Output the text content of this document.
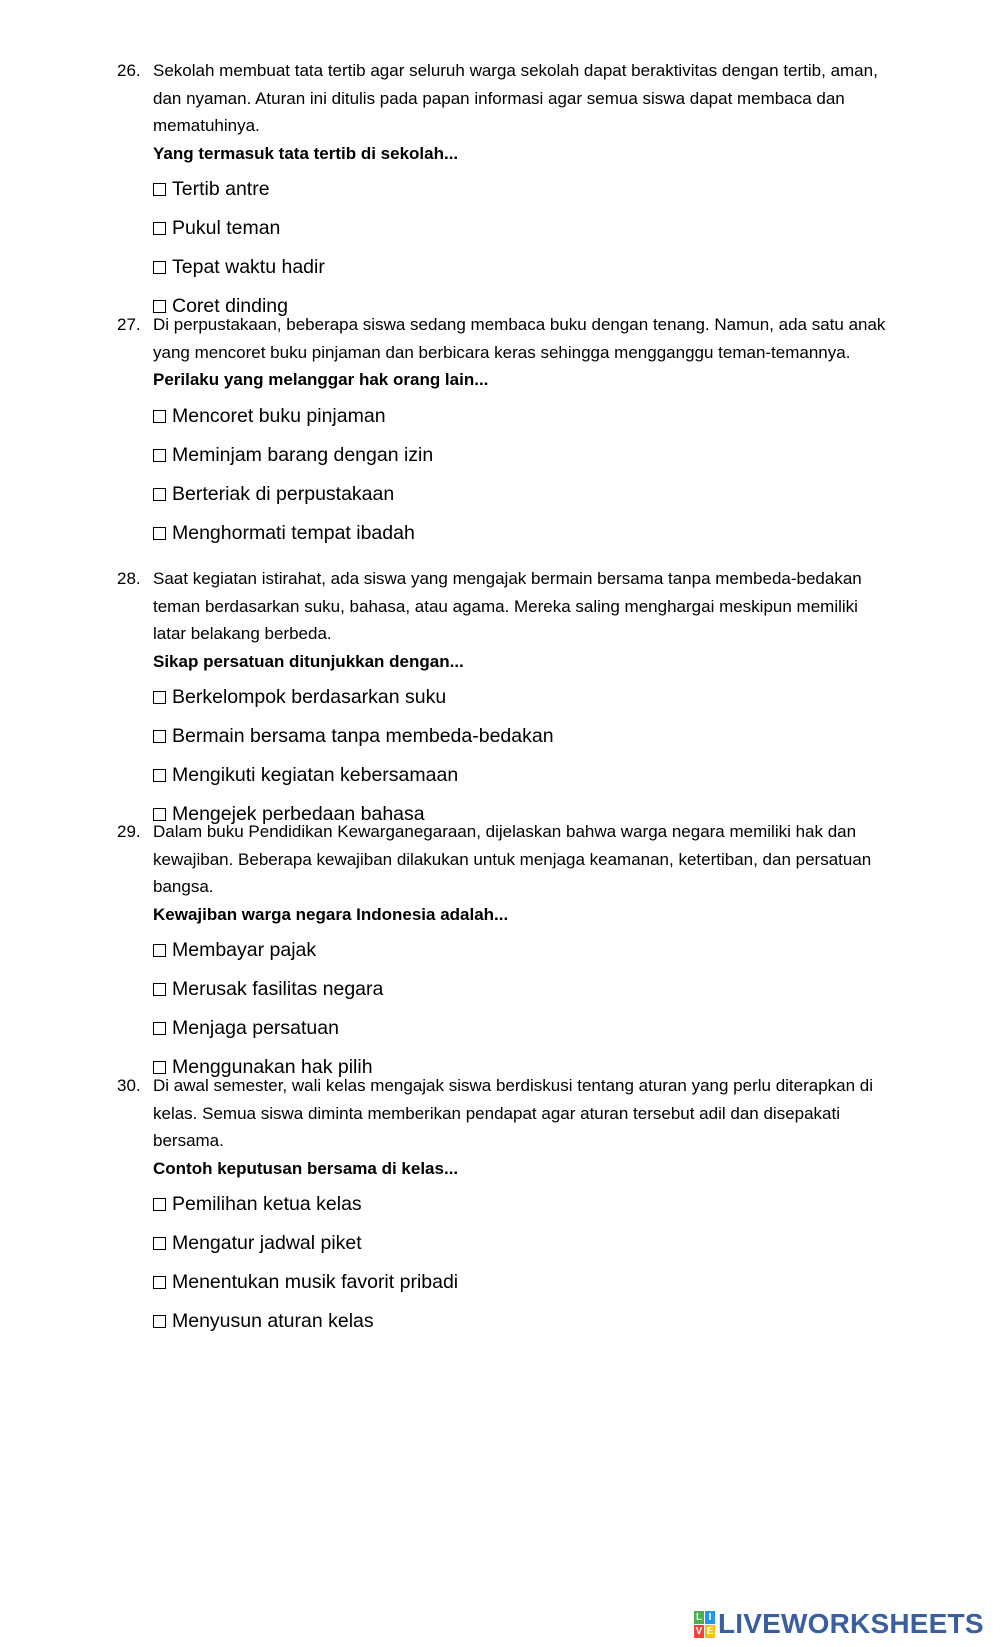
26. Sekolah membuat tata tertib agar seluruh warga sekolah dapat beraktivitas dengan tertib, aman,
dan nyaman. Aturan ini ditulis pada papan informasi agar semua siswa dapat membaca dan
mematuhinya.
Yang termasuk tata tertib di sekolah...
Tertib antre
Pukul teman
Tepat waktu hadir
Coret dinding
27. Di perpustakaan, beberapa siswa sedang membaca buku dengan tenang. Namun, ada satu anak
yang mencoret buku pinjaman dan berbicara keras sehingga mengganggu teman-temannya.
Perilaku yang melanggar hak orang lain...
Mencoret buku pinjaman
Meminjam barang dengan izin
Berteriak di perpustakaan
Menghormati tempat ibadah
28. Saat kegiatan istirahat, ada siswa yang mengajak bermain bersama tanpa membeda-bedakan
teman berdasarkan suku, bahasa, atau agama. Mereka saling menghargai meskipun memiliki
latar belakang berbeda.
Sikap persatuan ditunjukkan dengan...
Berkelompok berdasarkan suku
Bermain bersama tanpa membeda-bedakan
Mengikuti kegiatan kebersamaan
Mengejek perbedaan bahasa
29. Dalam buku Pendidikan Kewarganegaraan, dijelaskan bahwa warga negara memiliki hak dan
kewajiban. Beberapa kewajiban dilakukan untuk menjaga keamanan, ketertiban, dan persatuan
bangsa.
Kewajiban warga negara Indonesia adalah...
Membayar pajak
Merusak fasilitas negara
Menjaga persatuan
Menggunakan hak pilih
30. Di awal semester, wali kelas mengajak siswa berdiskusi tentang aturan yang perlu diterapkan di
kelas. Semua siswa diminta memberikan pendapat agar aturan tersebut adil dan disepakati
bersama.
Contoh keputusan bersama di kelas...
Pemilihan ketua kelas
Mengatur jadwal piket
Menentukan musik favorit pribadi
Menyusun aturan kelas
L I
V E LIVEWORKSHEETS
